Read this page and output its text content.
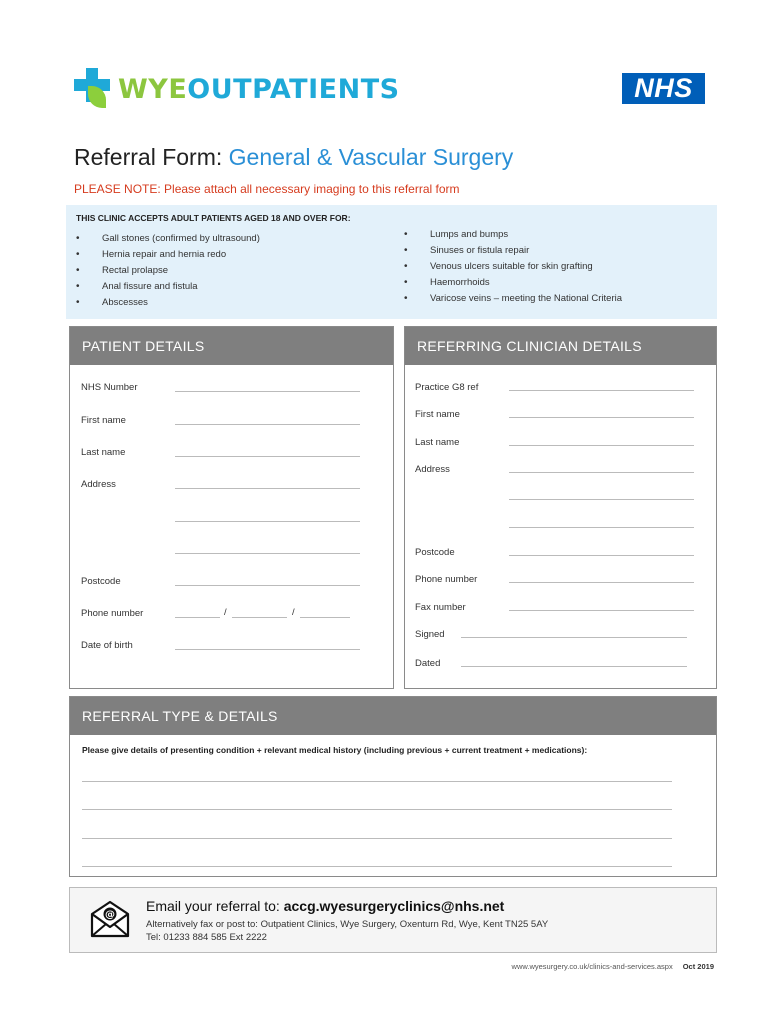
WYEOUTPATIENTS	NHS
Referral Form: General & Vascular Surgery
PLEASE NOTE: Please attach all necessary imaging to this referral form
THIS CLINIC ACCEPTS ADULT PATIENTS AGED 18 AND OVER FOR:
• Gall stones (confirmed by ultrasound)
• Hernia repair and hernia redo
• Rectal prolapse
• Anal fissure and fistula
• Abscesses
• Lumps and bumps
• Sinuses or fistula repair
• Venous ulcers suitable for skin grafting
• Haemorrhoids
• Varicose veins – meeting the National Criteria
PATIENT DETAILS
NHS Number
First name
Last name
Address
Postcode
Phone number	/	/
Date of birth
REFERRING CLINICIAN DETAILS
Practice G8 ref
First name
Last name
Address
Postcode
Phone number
Fax number
Signed
Dated
REFERRAL TYPE & DETAILS
Please give details of presenting condition + relevant medical history (including previous + current treatment + medications):
@
Email your referral to: accg.wyesurgeryclinics@nhs.net
Alternatively fax or post to: Outpatient Clinics, Wye Surgery, Oxenturn Rd, Wye, Kent TN25 5AY
Tel: 01233 884 585 Ext 2222
www.wyesurgery.co.uk/clinics-and-services.aspx Oct 2019
